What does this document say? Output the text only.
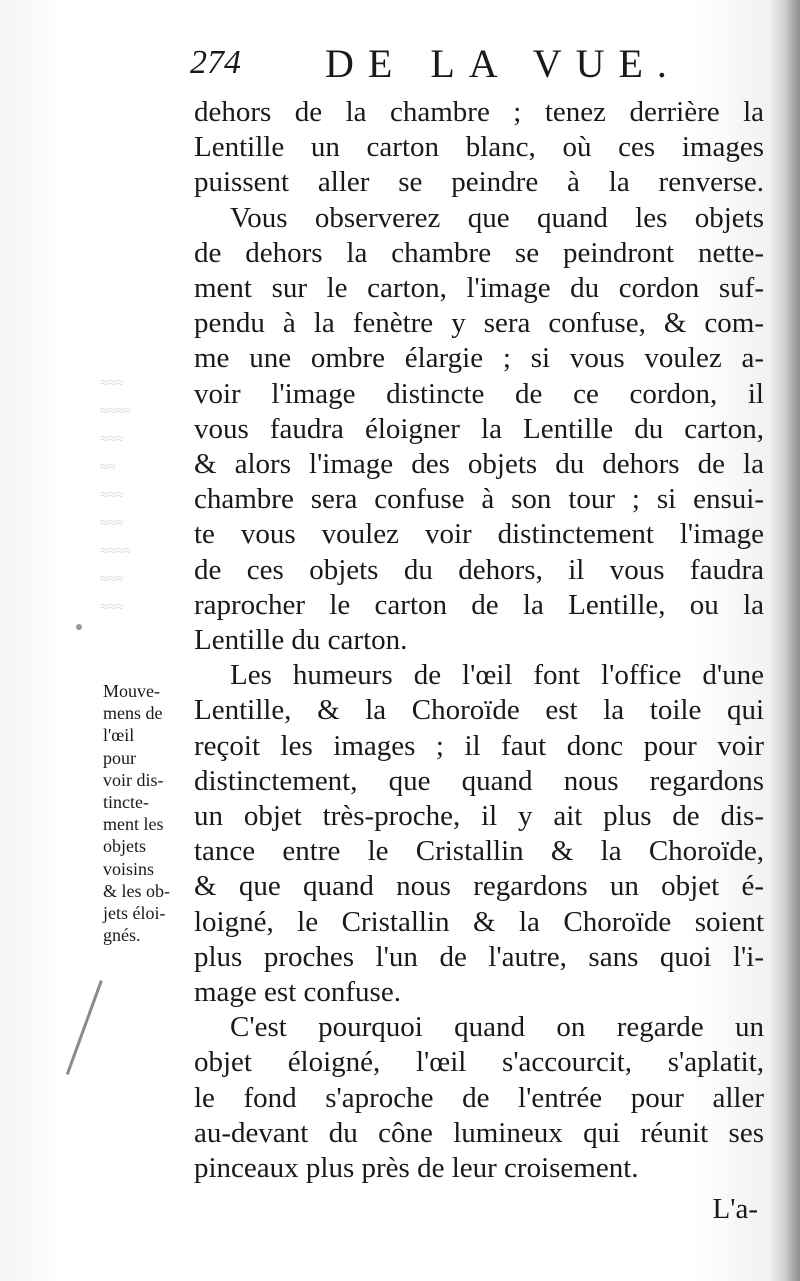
≈≈≈
≈≈≈≈
≈≈≈
≈≈
≈≈≈
≈≈≈
≈≈≈≈
≈≈≈
≈≈≈
274 DE LA VUE.
Mouve-
mens de
l'œil
pour
voir dis-
tincte-
ment les
objets
voisins
& les ob-
jets éloi-
gnés.

dehors de la chambre ; tenez derrière la
Lentille un carton blanc, où ces images
puissent aller se peindre à la renverse.

Vous observerez que quand les objets
de dehors la chambre se peindront nette-
ment sur le carton, l'image du cordon suf-
pendu à la fenètre y sera confuse, & com-
me une ombre élargie ; si vous voulez a-
voir l'image distincte de ce cordon, il
vous faudra éloigner la Lentille du carton,
& alors l'image des objets du dehors de la
chambre sera confuse à son tour ; si ensui-
te vous voulez voir distinctement l'image
de ces objets du dehors, il vous faudra
raprocher le carton de la Lentille, ou la
Lentille du carton.

Les humeurs de l'œil font l'office d'une
Lentille, & la Choroïde est la toile qui
reçoit les images ; il faut donc pour voir
distinctement, que quand nous regardons
un objet très-proche, il y ait plus de dis-
tance entre le Cristallin & la Choroïde,
& que quand nous regardons un objet é-
loigné, le Cristallin & la Choroïde soient
plus proches l'un de l'autre, sans quoi l'i-
mage est confuse.

C'est pourquoi quand on regarde un
objet éloigné, l'œil s'accourcit, s'aplatit,
le fond s'aproche de l'entrée pour aller
au-devant du cône lumineux qui réunit ses
pinceaux plus près de leur croisement.

L'a-
